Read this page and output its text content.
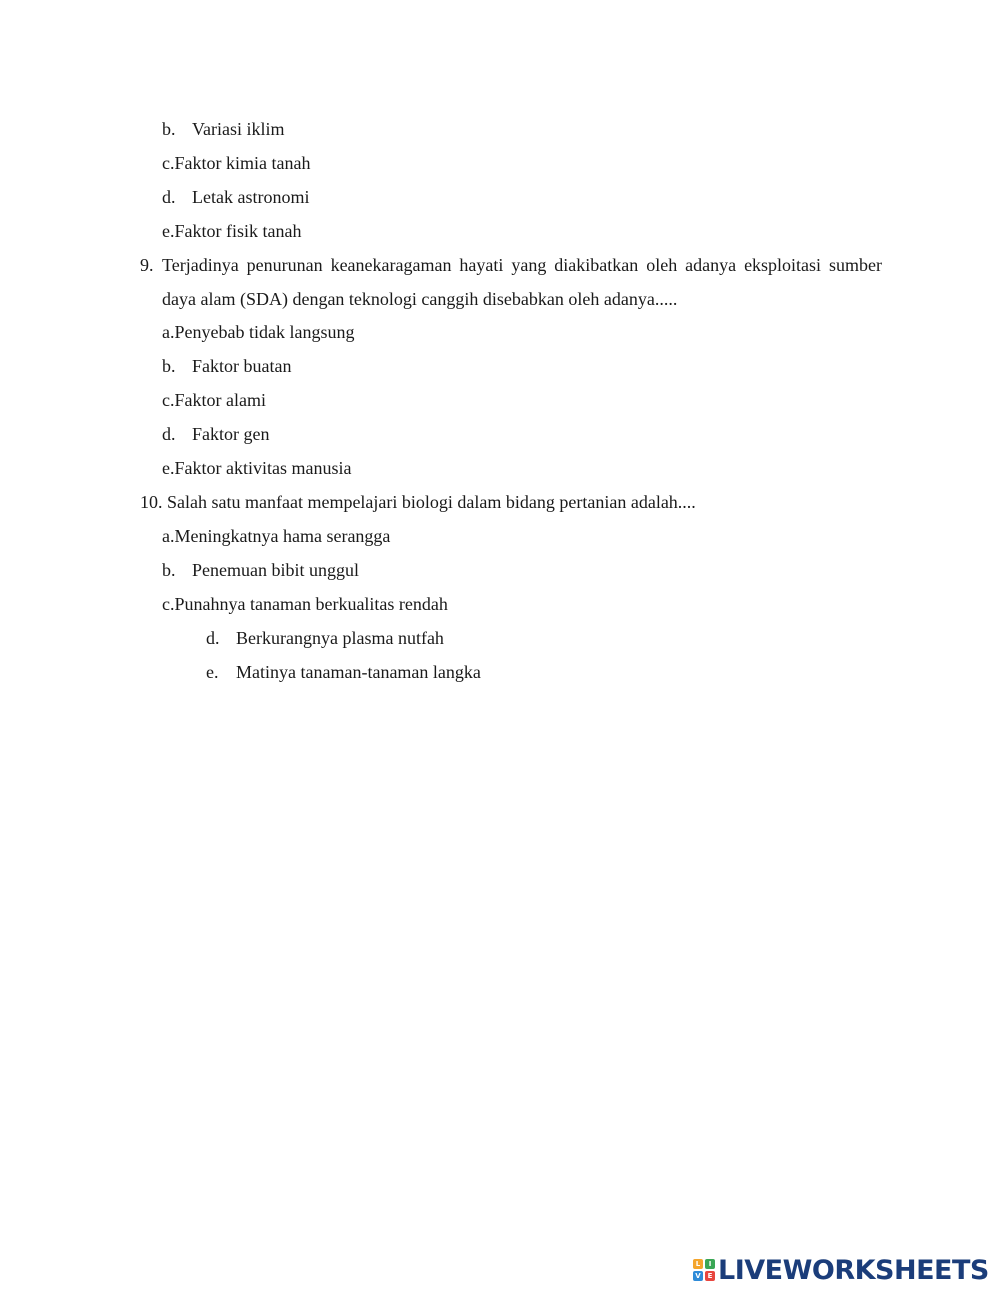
b. Variasi iklim
c.Faktor kimia tanah
d. Letak astronomi
e.Faktor fisik tanah
9. Terjadinya penurunan keanekaragaman hayati yang diakibatkan oleh adanya eksploitasi sumber daya alam (SDA) dengan teknologi canggih disebabkan oleh adanya.....
a.Penyebab tidak langsung
b. Faktor buatan
c.Faktor alami
d. Faktor gen
e.Faktor aktivitas manusia
10. Salah satu manfaat mempelajari biologi dalam bidang pertanian adalah....
a.Meningkatnya hama serangga
b. Penemuan bibit unggul
c.Punahnya tanaman berkualitas rendah
d. Berkurangnya plasma nutfah
e. Matinya tanaman-tanaman langka
L	I
V E LIVEWORKSHEETS
